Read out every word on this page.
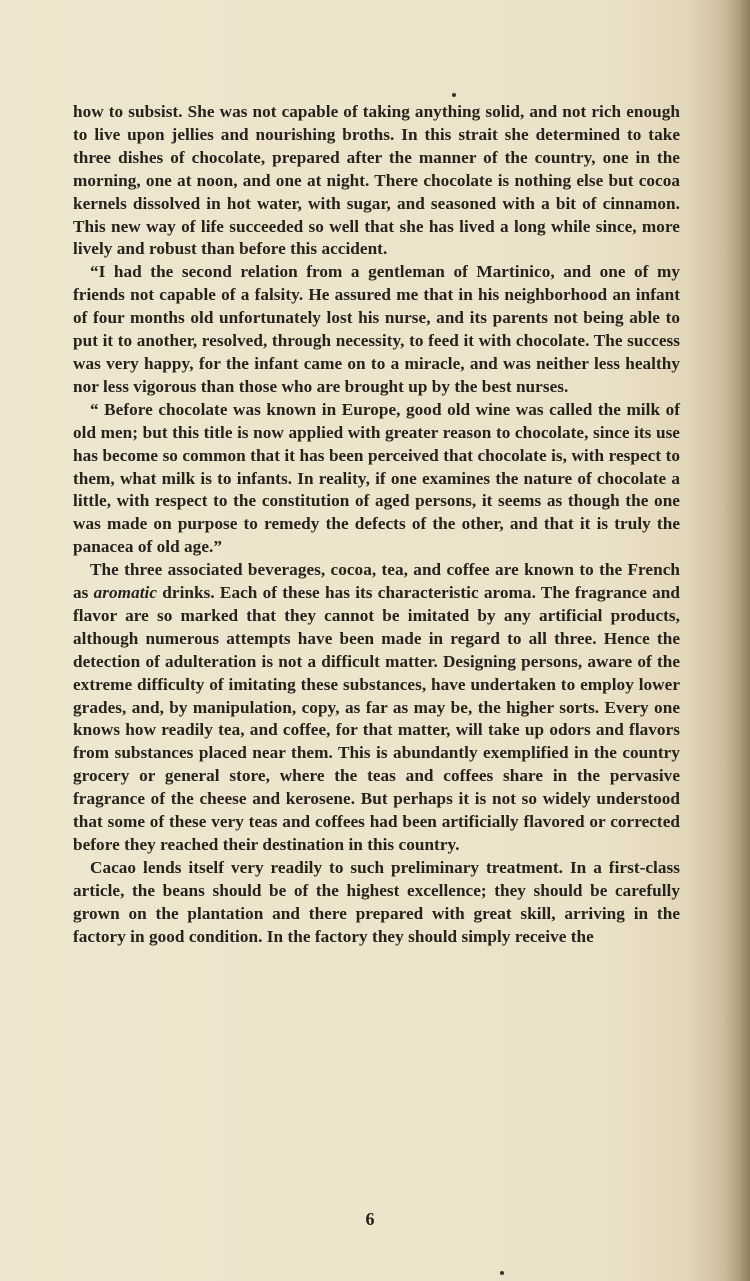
how to subsist. She was not capable of taking anything solid, and not rich enough to live upon jellies and nourishing broths. In this strait she determined to take three dishes of chocolate, prepared after the manner of the country, one in the morning, one at noon, and one at night. There chocolate is nothing else but cocoa kernels dissolved in hot water, with sugar, and seasoned with a bit of cinnamon. This new way of life succeeded so well that she has lived a long while since, more lively and robust than before this accident.

“I had the second relation from a gentleman of Martinico, and one of my friends not capable of a falsity. He assured me that in his neighborhood an infant of four months old unfortunately lost his nurse, and its parents not being able to put it to another, resolved, through necessity, to feed it with chocolate. The success was very happy, for the infant came on to a miracle, and was neither less healthy nor less vigorous than those who are brought up by the best nurses.

“ Before chocolate was known in Europe, good old wine was called the milk of old men; but this title is now applied with greater reason to chocolate, since its use has become so common that it has been perceived that chocolate is, with respect to them, what milk is to infants. In reality, if one examines the nature of chocolate a little, with respect to the constitution of aged persons, it seems as though the one was made on purpose to remedy the defects of the other, and that it is truly the panacea of old age.”

The three associated beverages, cocoa, tea, and coffee are known to the French as aromatic drinks. Each of these has its characteristic aroma. The fragrance and flavor are so marked that they cannot be imitated by any artificial products, although numerous attempts have been made in regard to all three. Hence the detection of adulteration is not a difficult matter. Designing persons, aware of the extreme difficulty of imitating these substances, have undertaken to employ lower grades, and, by manipulation, copy, as far as may be, the higher sorts. Every one knows how readily tea, and coffee, for that matter, will take up odors and flavors from substances placed near them. This is abundantly exemplified in the country grocery or general store, where the teas and coffees share in the pervasive fragrance of the cheese and kerosene. But perhaps it is not so widely understood that some of these very teas and coffees had been artificially flavored or corrected before they reached their destination in this country.

Cacao lends itself very readily to such preliminary treatment. In a first-class article, the beans should be of the highest excellence; they should be carefully grown on the plantation and there prepared with great skill, arriving in the factory in good condition. In the factory they should simply receive the

6
